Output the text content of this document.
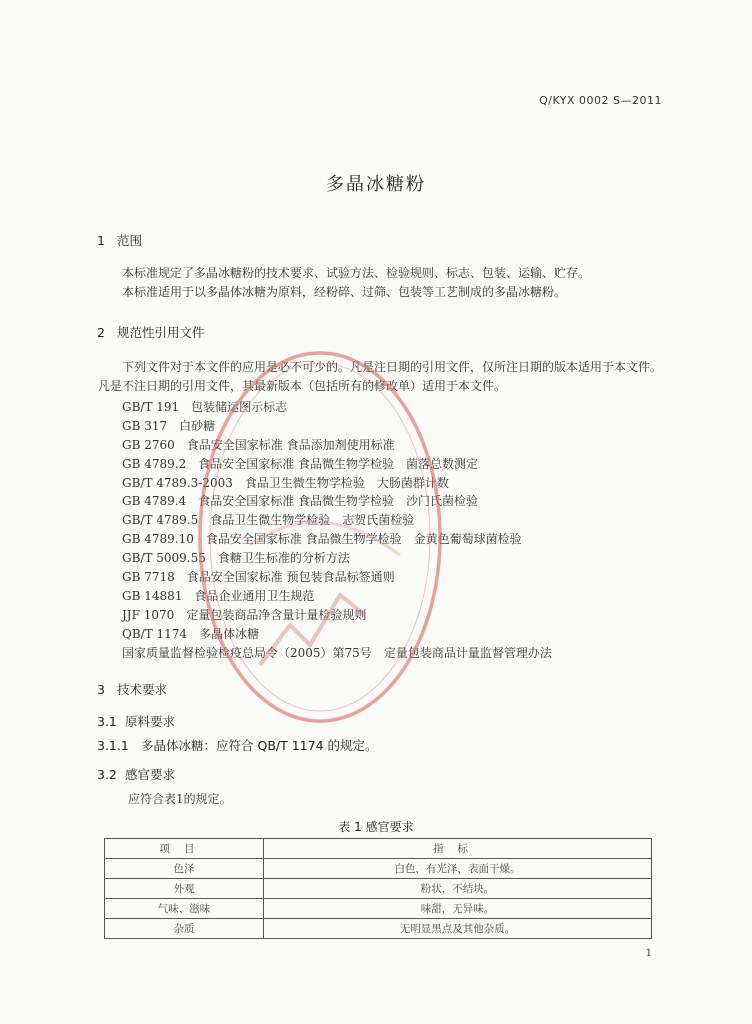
Q/KYX 0002 S—2011
多晶冰糖粉
1 范围
本标准规定了多晶冰糖粉的技术要求、试验方法、检验规则、标志、包装、运输、贮存。
本标准适用于以多晶体冰糖为原料，经粉碎、过筛、包装等工艺制成的多晶冰糖粉。
2 规范性引用文件
下列文件对于本文件的应用是必不可少的。凡是注日期的引用文件，仅所注日期的版本适用于本文件。凡是不注日期的引用文件，其最新版本（包括所有的修改单）适用于本文件。
GB/T 191 包装储运图示标志
GB 317 白砂糖
GB 2760 食品安全国家标准 食品添加剂使用标准
GB 4789.2 食品安全国家标准 食品微生物学检验　菌落总数测定
GB/T 4789.3-2003 食品卫生微生物学检验　大肠菌群计数
GB 4789.4 食品安全国家标准 食品微生物学检验　沙门氏菌检验
GB/T 4789.5 食品卫生微生物学检验　志贺氏菌检验
GB 4789.10 食品安全国家标准 食品微生物学检验　金黄色葡萄球菌检验
GB/T 5009.55 食糖卫生标准的分析方法
GB 7718 食品安全国家标准 预包装食品标签通则
GB 14881 食品企业通用卫生规范
JJF 1070 定量包装商品净含量计量检验规则
QB/T 1174 多晶体冰糖
国家质量监督检验检疫总局令（2005）第75号 定量包装商品计量监督管理办法
3 技术要求
3.1 原料要求
3.1.1 多晶体冰糖：应符合 QB/T 1174 的规定。
3.2 感官要求
应符合表1的规定。
表 1 感官要求
项目	指标
色泽	白色，有光泽，表面干燥。
外观	粉状，不结块。
气味、滋味	味甜，无异味。
杂质	无明显黑点及其他杂质。
1
